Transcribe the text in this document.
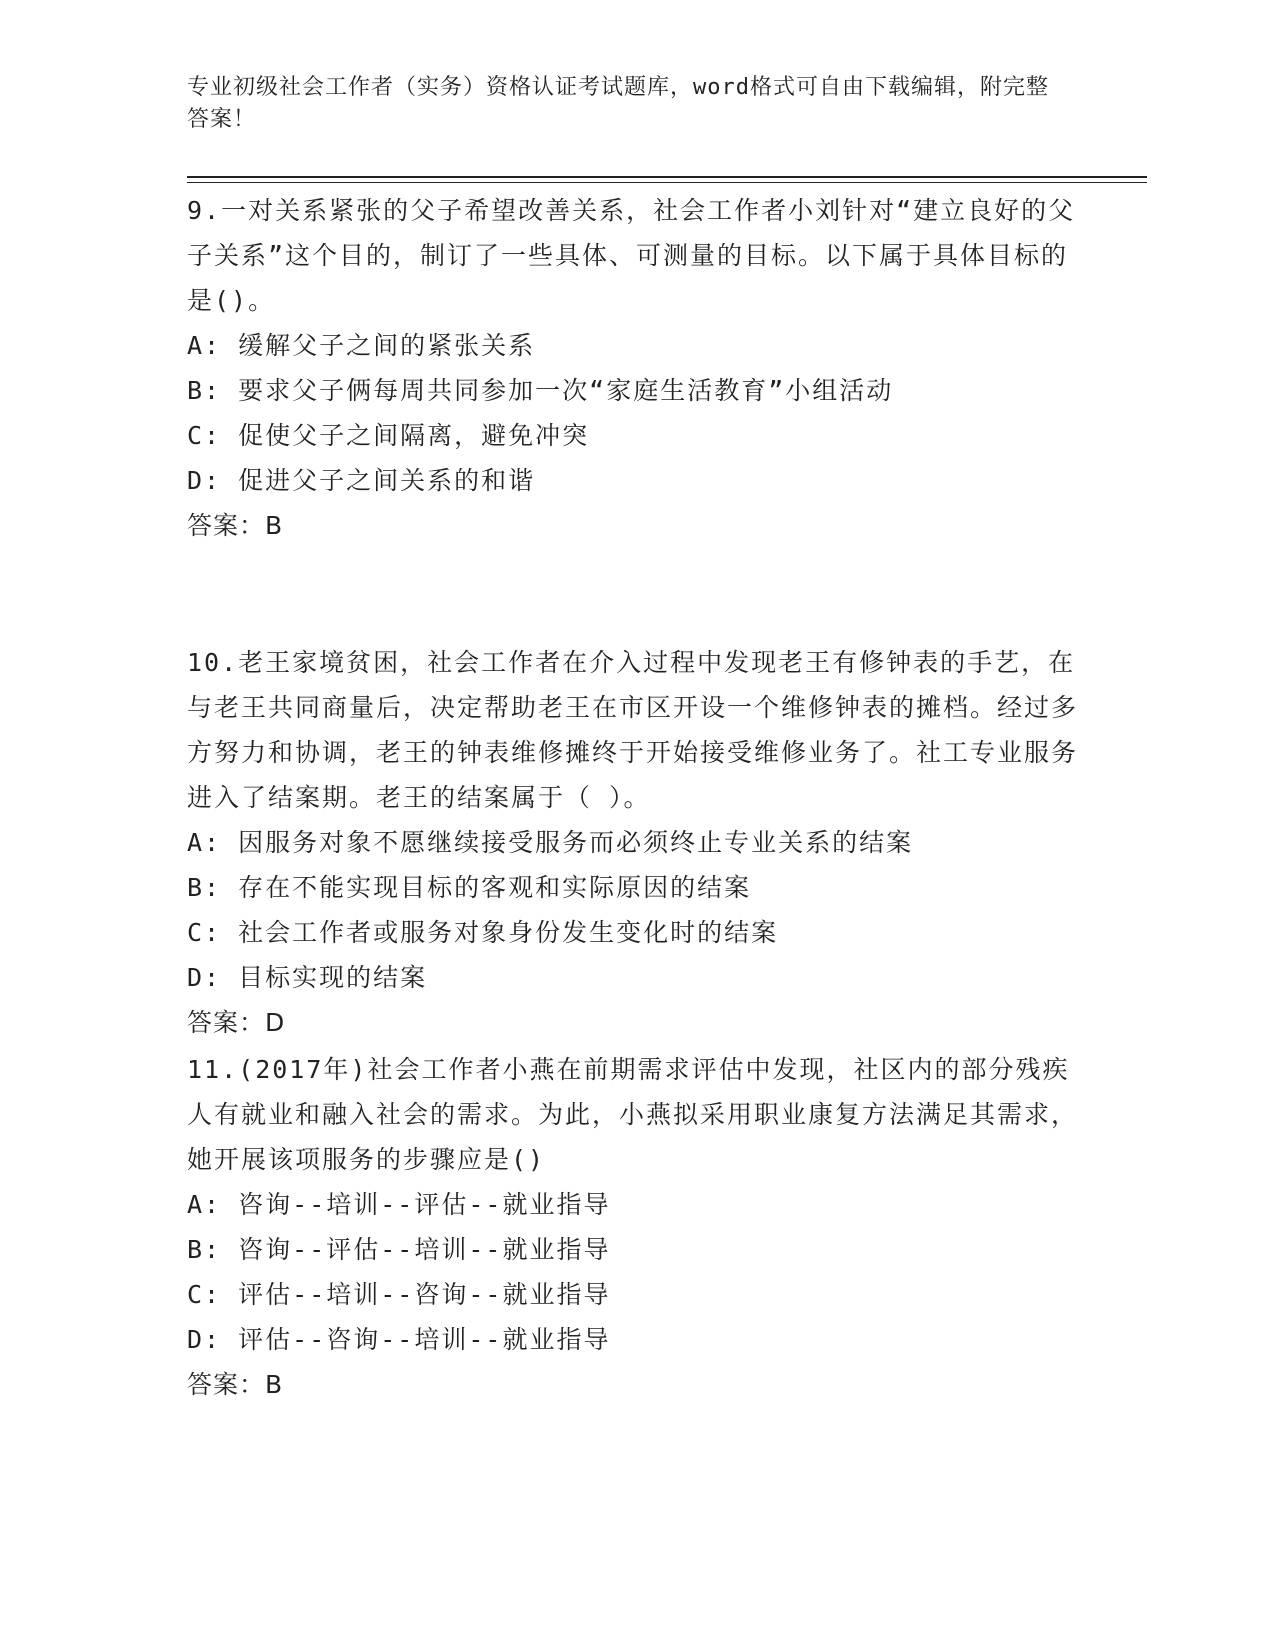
专业初级社会工作者（实务）资格认证考试题库，word格式可自由下载编辑，附完整答案！

9.一对关系紧张的父子希望改善关系，社会工作者小刘针对“建立良好的父子关系”这个目的，制订了一些具体、可测量的目标。以下属于具体目标的是()。

A: 缓解父子之间的紧张关系

B: 要求父子俩每周共同参加一次“家庭生活教育”小组活动

C: 促使父子之间隔离，避免冲突

D: 促进父子之间关系的和谐

答案：B

10.老王家境贫困，社会工作者在介入过程中发现老王有修钟表的手艺，在与老王共同商量后，决定帮助老王在市区开设一个维修钟表的摊档。经过多方努力和协调，老王的钟表维修摊终于开始接受维修业务了。社工专业服务进入了结案期。老王的结案属于（ ）。

A: 因服务对象不愿继续接受服务而必须终止专业关系的结案

B: 存在不能实现目标的客观和实际原因的结案

C: 社会工作者或服务对象身份发生变化时的结案

D: 目标实现的结案

答案：D

11.(2017年)社会工作者小燕在前期需求评估中发现，社区内的部分残疾人有就业和融入社会的需求。为此，小燕拟采用职业康复方法满足其需求，她开展该项服务的步骤应是()

A: 咨询--培训--评估--就业指导

B: 咨询--评估--培训--就业指导

C: 评估--培训--咨询--就业指导

D: 评估--咨询--培训--就业指导

答案：B
